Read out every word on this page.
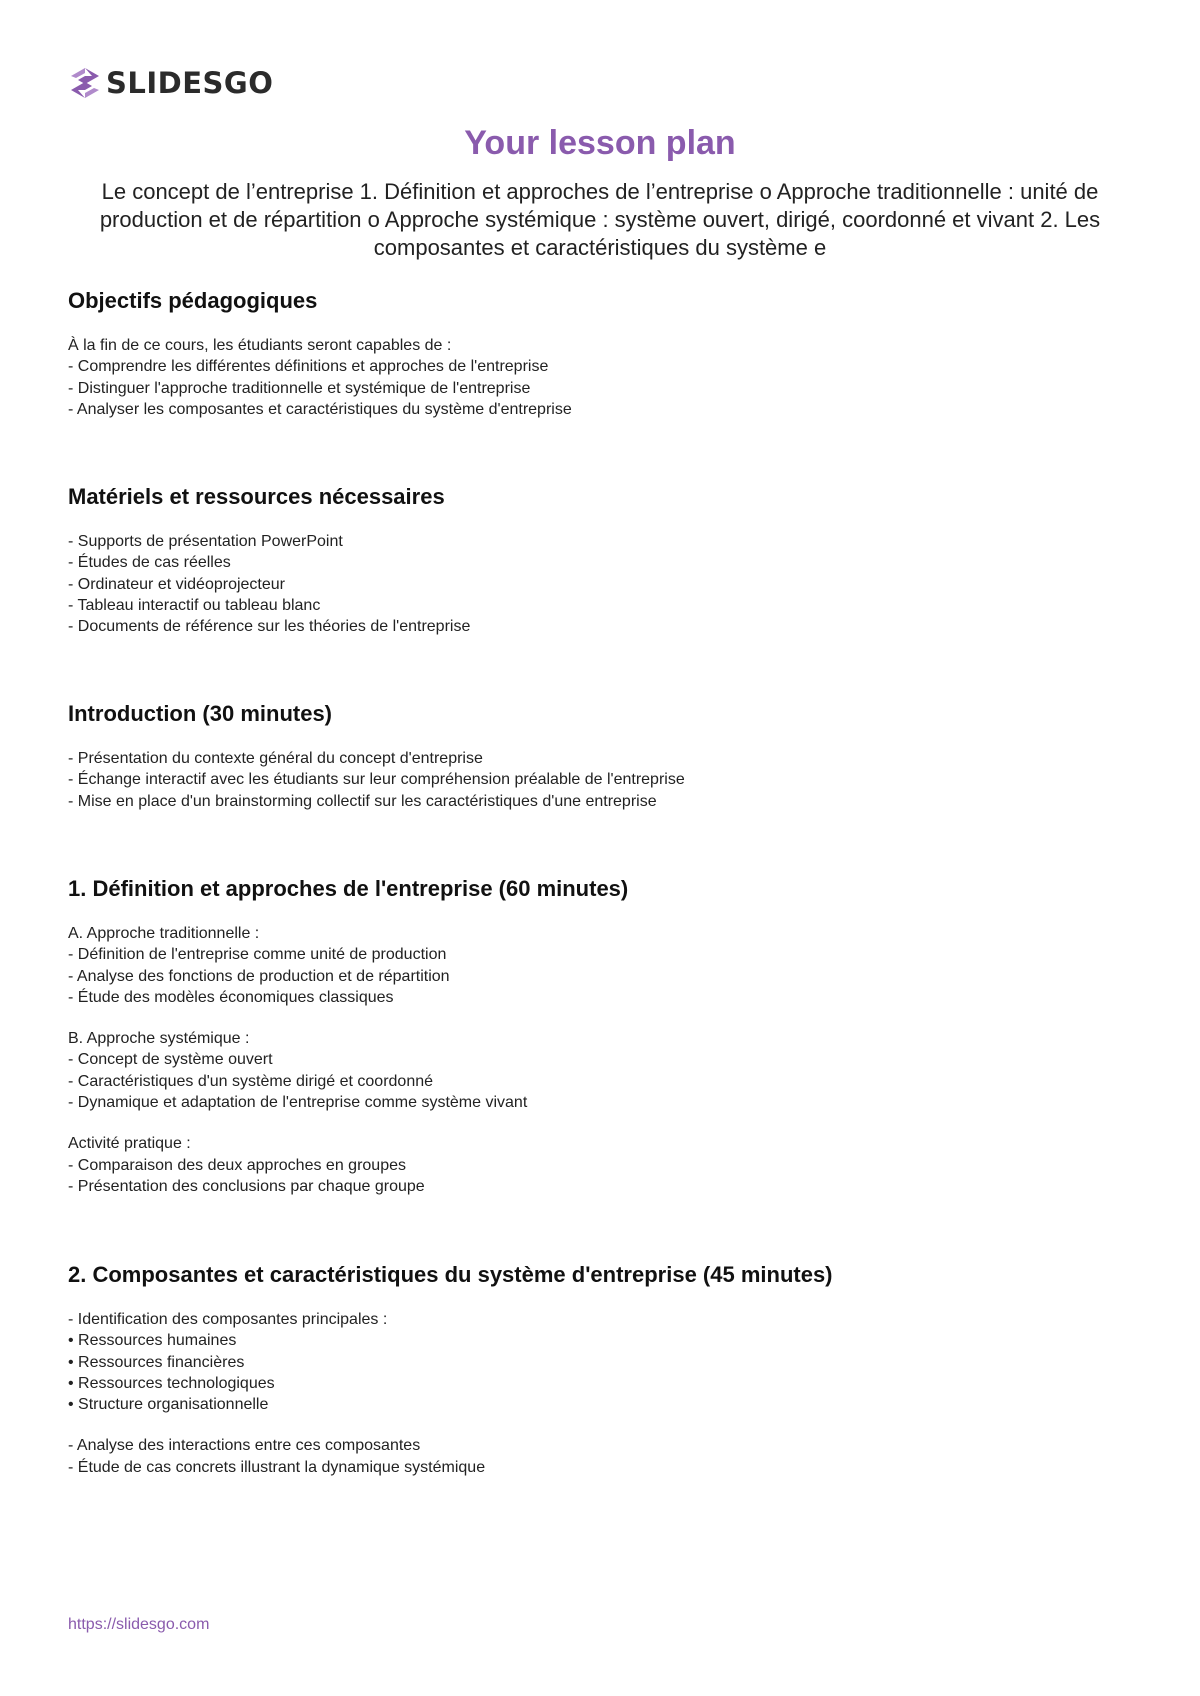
SLIDESGO
Your lesson plan
Le concept de l’entreprise 1. Définition et approches de l’entreprise o Approche traditionnelle : unité de production et de répartition o Approche systémique : système ouvert, dirigé, coordonné et vivant 2. Les composantes et caractéristiques du système e
Objectifs pédagogiques
À la fin de ce cours, les étudiants seront capables de :
- Comprendre les différentes définitions et approches de l'entreprise
- Distinguer l'approche traditionnelle et systémique de l'entreprise
- Analyser les composantes et caractéristiques du système d'entreprise
Matériels et ressources nécessaires
- Supports de présentation PowerPoint
- Études de cas réelles
- Ordinateur et vidéoprojecteur
- Tableau interactif ou tableau blanc
- Documents de référence sur les théories de l'entreprise
Introduction (30 minutes)
- Présentation du contexte général du concept d'entreprise
- Échange interactif avec les étudiants sur leur compréhension préalable de l'entreprise
- Mise en place d'un brainstorming collectif sur les caractéristiques d'une entreprise
1. Définition et approches de l'entreprise (60 minutes)
A. Approche traditionnelle :
- Définition de l'entreprise comme unité de production
- Analyse des fonctions de production et de répartition
- Étude des modèles économiques classiques
B. Approche systémique :
- Concept de système ouvert
- Caractéristiques d'un système dirigé et coordonné
- Dynamique et adaptation de l'entreprise comme système vivant
Activité pratique :
- Comparaison des deux approches en groupes
- Présentation des conclusions par chaque groupe
2. Composantes et caractéristiques du système d'entreprise (45 minutes)
- Identification des composantes principales :
• Ressources humaines
• Ressources financières
• Ressources technologiques
• Structure organisationnelle
- Analyse des interactions entre ces composantes
- Étude de cas concrets illustrant la dynamique systémique
https://slidesgo.com
